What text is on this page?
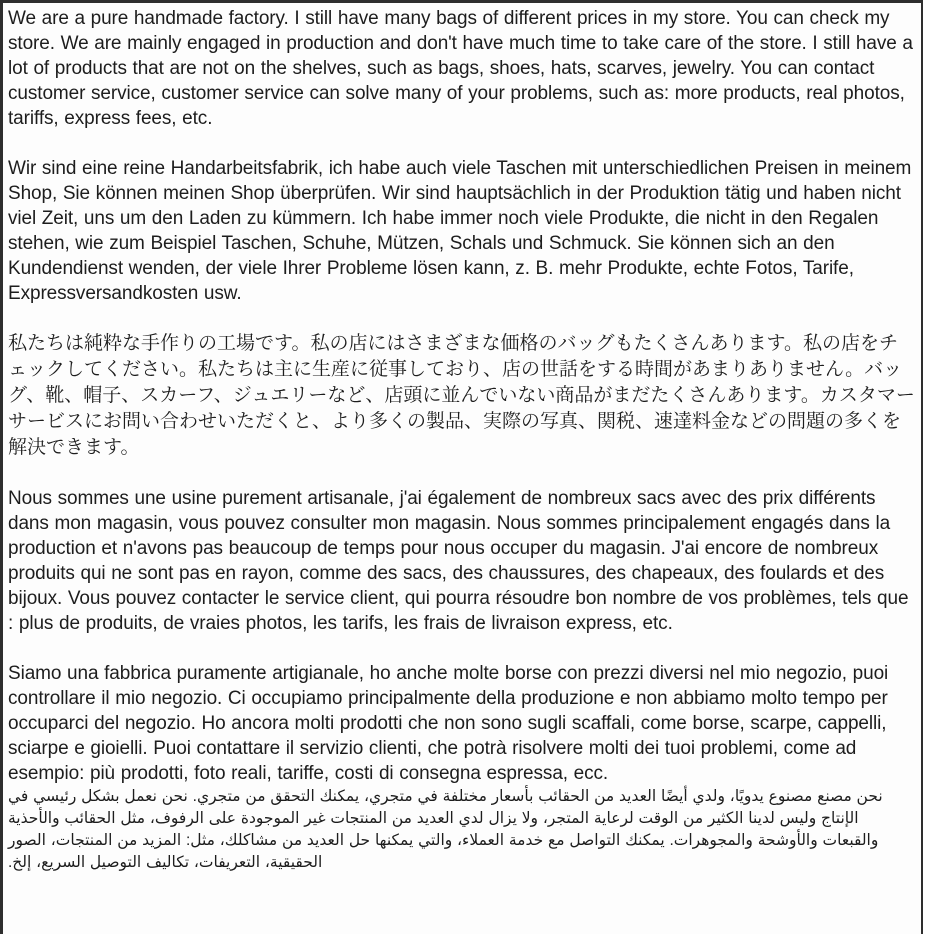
We are a pure handmade factory. I still have many bags of different prices in my store. You can check my store. We are mainly engaged in production and don't have much time to take care of the store. I still have a lot of products that are not on the shelves, such as bags, shoes, hats, scarves, jewelry. You can contact customer service, customer service can solve many of your problems, such as: more products, real photos, tariffs, express fees, etc.

Wir sind eine reine Handarbeitsfabrik, ich habe auch viele Taschen mit unterschiedlichen Preisen in meinem Shop, Sie können meinen Shop überprüfen. Wir sind hauptsächlich in der Produktion tätig und haben nicht viel Zeit, uns um den Laden zu kümmern. Ich habe immer noch viele Produkte, die nicht in den Regalen stehen, wie zum Beispiel Taschen, Schuhe, Mützen, Schals und Schmuck. Sie können sich an den Kundendienst wenden, der viele Ihrer Probleme lösen kann, z. B. mehr Produkte, echte Fotos, Tarife, Expressversandkosten usw.

私たちは純粋な手作りの工場です。私の店にはさまざまな価格のバッグもたくさんあります。私の店をチェックしてください。私たちは主に生産に従事しており、店の世話をする時間があまりありません。バッグ、靴、帽子、スカーフ、ジュエリーなど、店頭に並んでいない商品がまだたくさんあります。カスタマー サービスにお問い合わせいただくと、より多くの製品、実際の写真、関税、速達料金などの問題の多くを解決できます。

Nous sommes une usine purement artisanale, j'ai également de nombreux sacs avec des prix différents dans mon magasin, vous pouvez consulter mon magasin. Nous sommes principalement engagés dans la production et n'avons pas beaucoup de temps pour nous occuper du magasin. J'ai encore de nombreux produits qui ne sont pas en rayon, comme des sacs, des chaussures, des chapeaux, des foulards et des bijoux. Vous pouvez contacter le service client, qui pourra résoudre bon nombre de vos problèmes, tels que : plus de produits, de vraies photos, les tarifs, les frais de livraison express, etc.

Siamo una fabbrica puramente artigianale, ho anche molte borse con prezzi diversi nel mio negozio, puoi controllare il mio negozio. Ci occupiamo principalmente della produzione e non abbiamo molto tempo per occuparci del negozio. Ho ancora molti prodotti che non sono sugli scaffali, come borse, scarpe, cappelli, sciarpe e gioielli. Puoi contattare il servizio clienti, che potrà risolvere molti dei tuoi problemi, come ad esempio: più prodotti, foto reali, tariffe, costi di consegna espressa, ecc.

نحن مصنع مصنوع يدويًا، ولدي أيضًا العديد من الحقائب بأسعار مختلفة في متجري، يمكنك التحقق من متجري. نحن نعمل بشكل رئيسي في الإنتاج وليس لدينا الكثير من الوقت لرعاية المتجر، ولا يزال لدي العديد من المنتجات غير الموجودة على الرفوف، مثل الحقائب والأحذية والقبعات والأوشحة والمجوهرات. يمكنك التواصل مع خدمة العملاء، والتي يمكنها حل العديد من مشاكلك، مثل: المزيد من المنتجات، الصور الحقيقية، التعريفات، تكاليف التوصيل السريع، إلخ.
